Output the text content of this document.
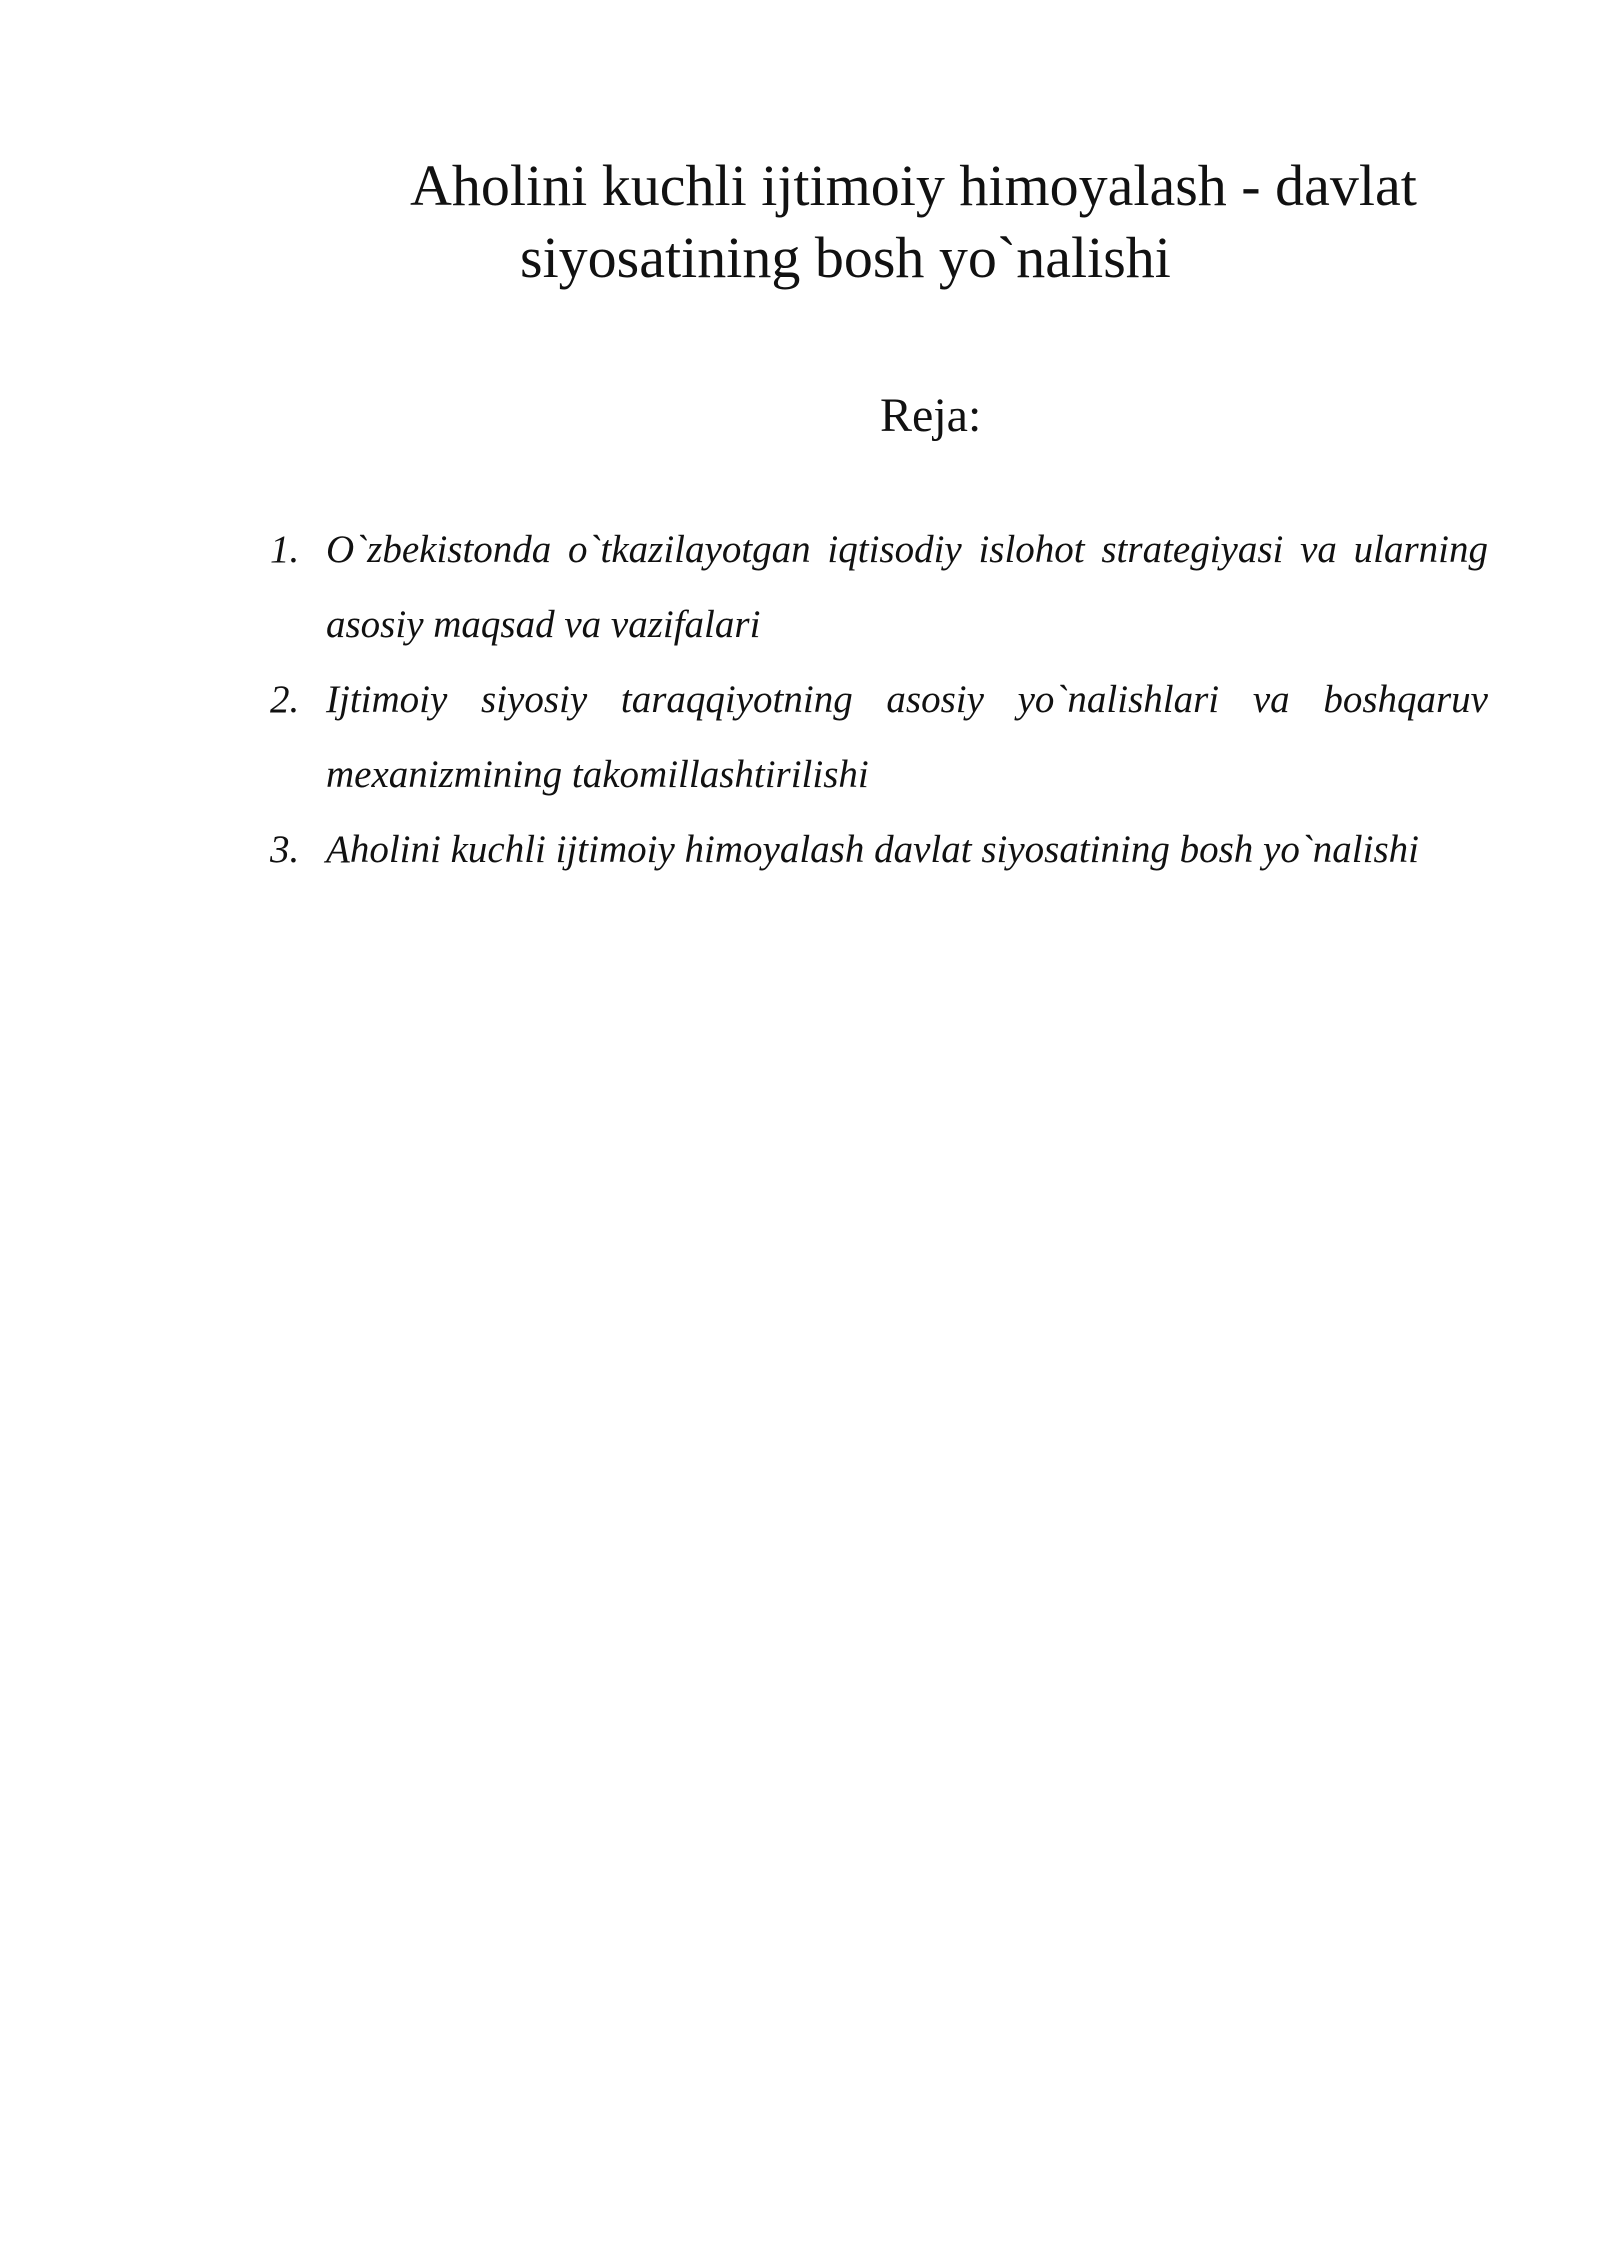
Aholini kuchli ijtimoiy himoyalash - davlat
siyosatining bosh yo`nalishi
Reja:
1. O`zbekistonda o`tkazilayotgan iqtisodiy islohot strategiyasi va ularning asosiy maqsad va vazifalari
2. Ijtimoiy siyosiy taraqqiyotning asosiy yo`nalishlari va boshqaruv mexanizmining takomillashtirilishi
3. Aholini kuchli ijtimoiy himoyalash davlat siyosatining bosh yo`nalishi
